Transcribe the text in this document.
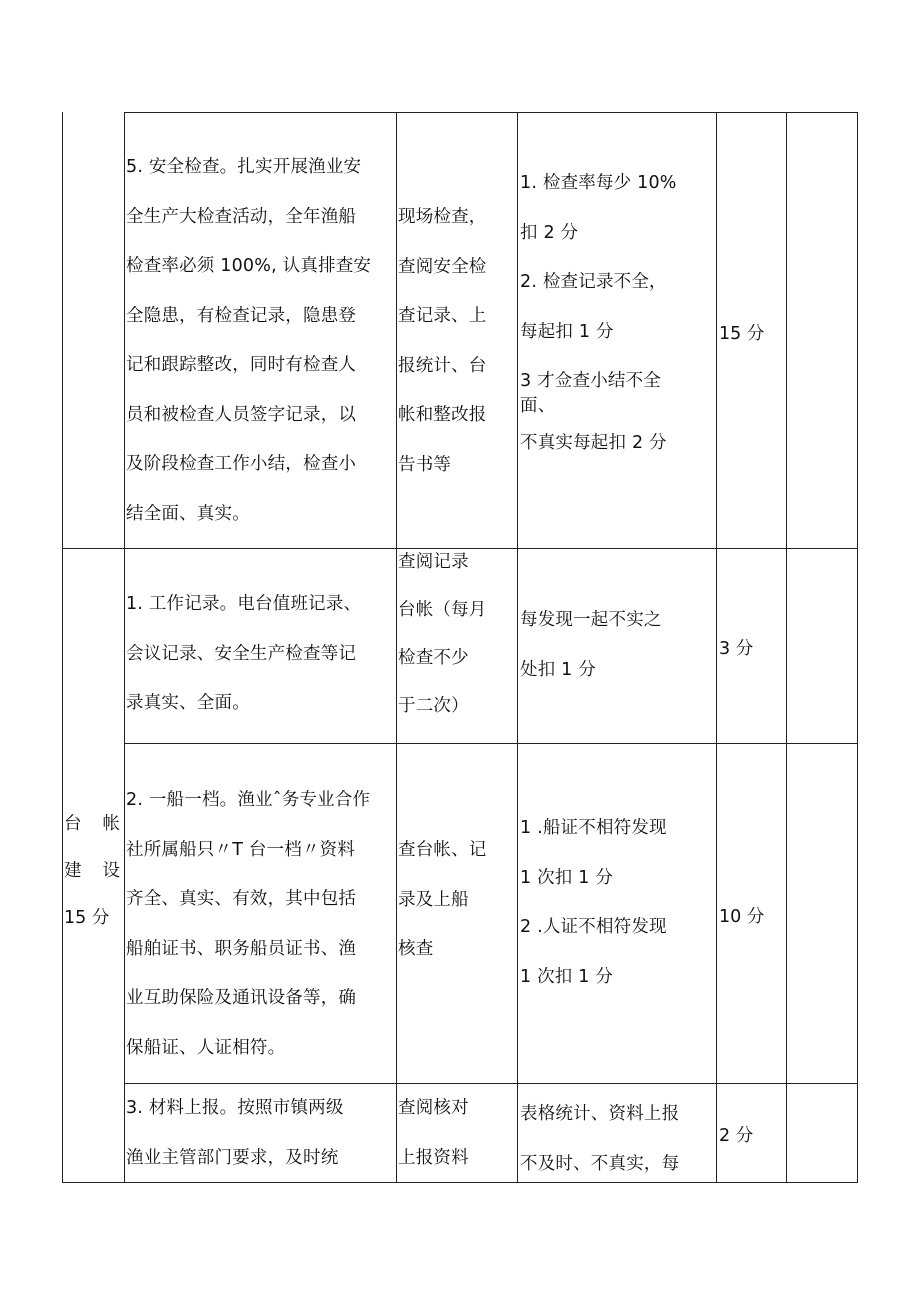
5. 安全检查。扎实开展渔业安
全生产大检查活动，全年渔船
检查率必须 100%, 认真排查安
全隐患，有检查记录，隐患登
记和跟踪整改，同时有检查人
员和被检查人员签字记录，以
及阶段检查工作小结，检查小
结全面、真实。
现场检查，
查阅安全检
查记录、上
报统计、台
帐和整改报
告书等
1. 检查率每少 10%
扣 2 分
2. 检查记录不全，
每起扣 1 分
3 才佥查小结不全
面、
不真实每起扣 2 分
15 分
1. 工作记录。电台值班记录、
会议记录、安全生产检查等记
录真实、全面。
查阅记录
台帐（每月
检查不少
于二次）
每发现一起不实之
处扣 1 分
3 分
2. 一船一档。渔业ˆ务专业合作
社所属船只〃T 台一档〃资料
齐全、真实、有效，其中包括
船舶证书、职务船员证书、渔
业互助保险及通讯设备等，确
保船证、人证相符。
查台帐、记
录及上船
核查
1 .船证不相符发现
1 次扣 1 分
2 .人证不相符发现
1 次扣 1 分
10 分
3. 材料上报。按照市镇两级
渔业主管部门要求，及时统
查阅核对
上报资料
表格统计、资料上报
不及时、不真实，每
2 分
台 帐
建 设
15 分
